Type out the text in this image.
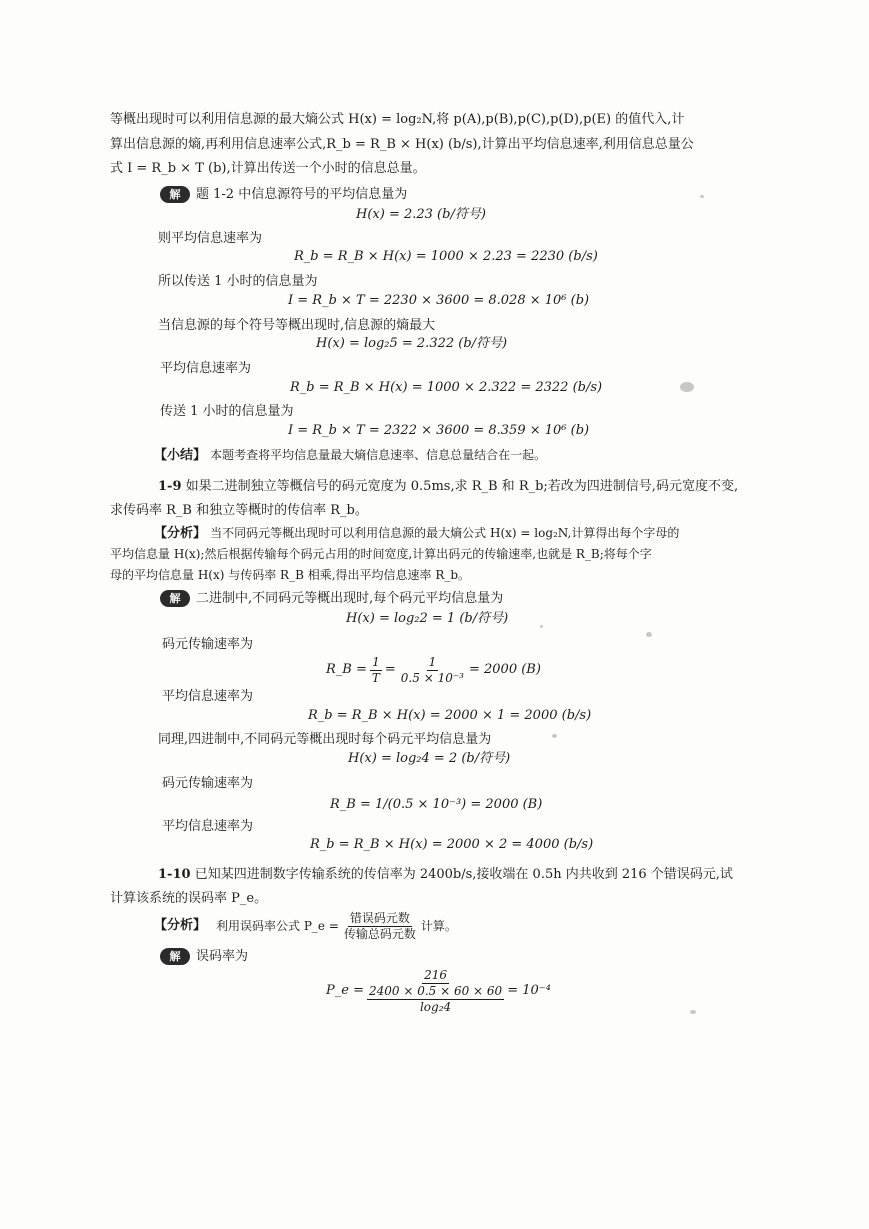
等概出现时可以利用信息源的最大熵公式 H(x) = log₂N,将 p(A),p(B),p(C),p(D),p(E) 的值代入,计
算出信息源的熵,再利用信息速率公式,R_b = R_B × H(x) (b/s),计算出平均信息速率,利用信息总量公
式 I = R_b × T (b),计算出传送一个小时的信息总量。
解 题 1-2 中信息源符号的平均信息量为
H(x) = 2.23 (b/符号)
则平均信息速率为
R_b = R_B × H(x) = 1000 × 2.23 = 2230 (b/s)
所以传送 1 小时的信息量为
I = R_b × T = 2230 × 3600 = 8.028 × 10⁶ (b)
当信息源的每个符号等概出现时,信息源的熵最大
H(x) = log₂5 = 2.322 (b/符号)
平均信息速率为
R_b = R_B × H(x) = 1000 × 2.322 = 2322 (b/s)
传送 1 小时的信息量为
I = R_b × T = 2322 × 3600 = 8.359 × 10⁶ (b)
【小结】 本题考查将平均信息量最大熵信息速率、信息总量结合在一起。
1-9 如果二进制独立等概信号的码元宽度为 0.5ms,求 R_B 和 R_b;若改为四进制信号,码元宽度不变,
求传码率 R_B 和独立等概时的传信率 R_b。
【分析】 当不同码元等概出现时可以利用信息源的最大熵公式 H(x) = log₂N,计算得出每个字母的
平均信息量 H(x);然后根据传输每个码元占用的时间宽度,计算出码元的传输速率,也就是 R_B;将每个字
母的平均信息量 H(x) 与传码率 R_B 相乘,得出平均信息速率 R_b。
解 二进制中,不同码元等概出现时,每个码元平均信息量为
H(x) = log₂2 = 1 (b/符号)
码元传输速率为
R_B = $\frac{1}{T} = \frac{1}{\text{0.5 × 10⁻³}} = 2000$ (B)
平均信息速率为
R_b = R_B × H(x) = 2000 × 1 = 2000 (b/s)
同理,四进制中,不同码元等概出现时每个码元平均信息量为
H(x) = log₂4 = 2 (b/符号)
码元传输速率为
R_B = 1/(0.5 × 10⁻³) = 2000 (B)
平均信息速率为
R_b = R_B × H(x) = 2000 × 2 = 4000 (b/s)
1-10 已知某四进制数字传输系统的传信率为 2400b/s,接收端在 0.5h 内共收到 216 个错误码元,试
计算该系统的误码率 P_e。
【分析】 利用误码率公式 P_e = $\frac{\text{错误码元数}}{\text{传输总码元数}}$ 计算。
解 误码率为
P_e = $\frac{216}{\frac{2400 \times 0.5 \times 60 \times 60}{\text{log₂4}}} = 10^{-4}$
